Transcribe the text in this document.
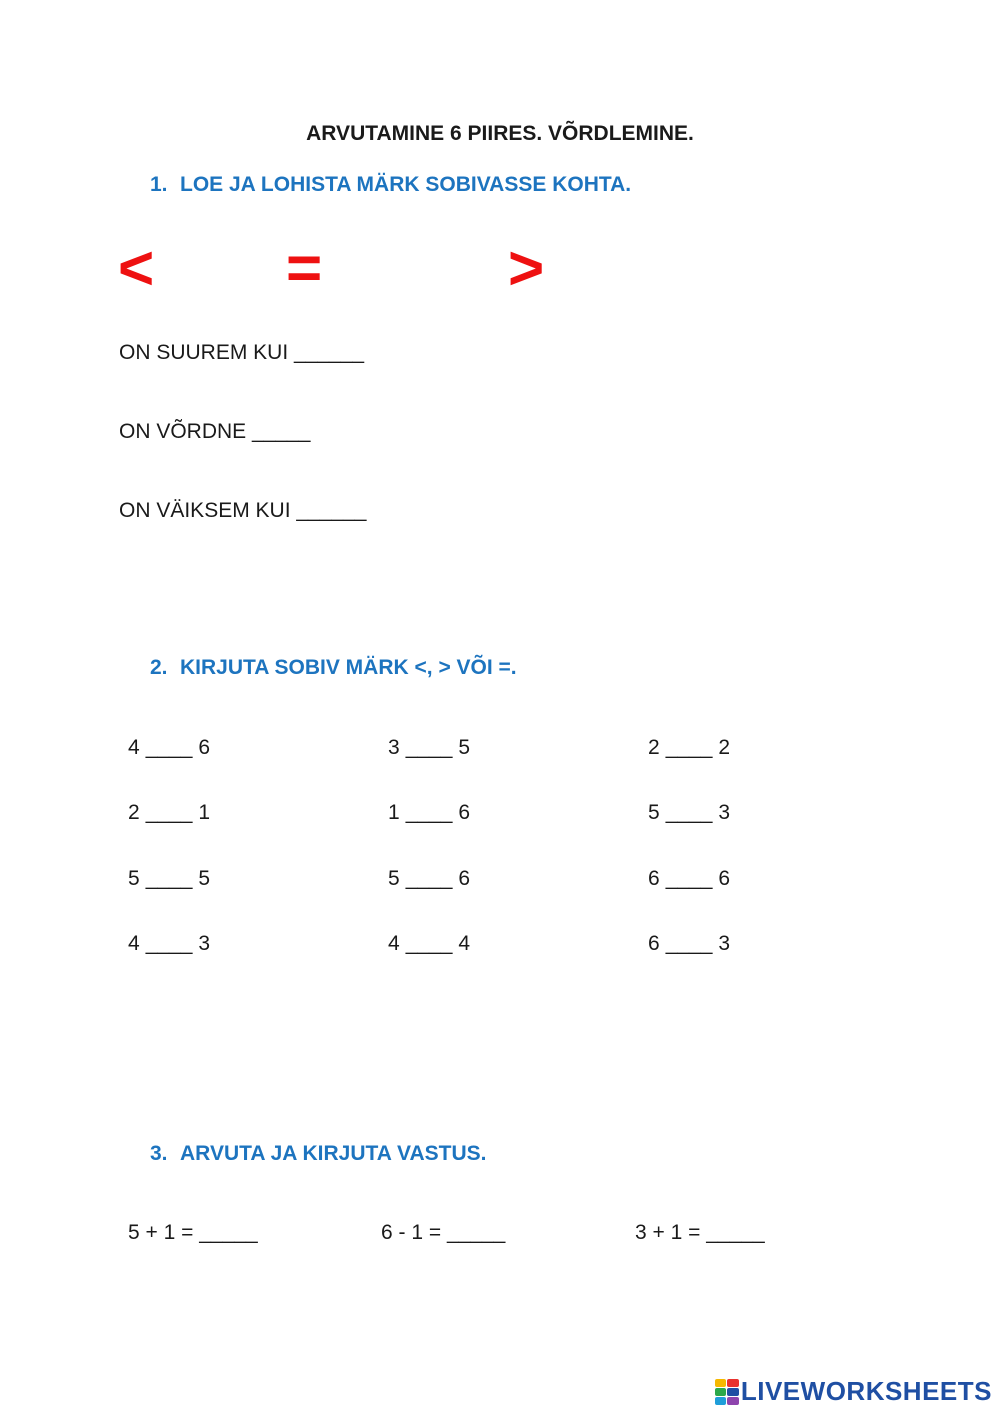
ARVUTAMINE 6 PIIRES. VÕRDLEMINE.
1. LOE JA LOHISTA MÄRK SOBIVASSE KOHTA.
< =	>
ON SUUREM KUI ______
ON VÕRDNE _____
ON VÄIKSEM KUI ______
2. KIRJUTA SOBIV MÄRK <, > VÕI =.
4 ____ 6	3 ____ 5	2 ____ 2
2 ____ 1	1 ____ 6	5 ____ 3
5 ____ 5	5 ____ 6	6 ____ 6
4 ____ 3	4 ____ 4	6 ____ 3
3. ARVUTA JA KIRJUTA VASTUS.
5 + 1 = _____	6 - 1 = _____	3 + 1 = _____
LIVEWORKSHEETS
